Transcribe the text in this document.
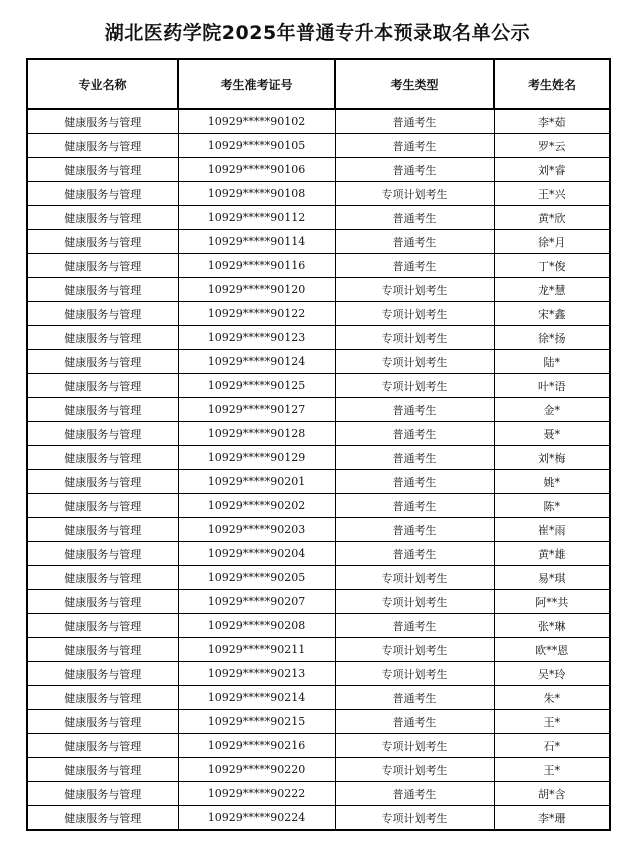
湖北医药学院2025年普通专升本预录取名单公示
专业名称	考生准考证号	考生类型	考生姓名
健康服务与管理	10929*****90102	普通考生	李*茹
健康服务与管理	10929*****90105	普通考生	罗*云
健康服务与管理	10929*****90106	普通考生	刘*睿
健康服务与管理	10929*****90108	专项计划考生	王*兴
健康服务与管理	10929*****90112	普通考生	黄*欣
健康服务与管理	10929*****90114	普通考生	徐*月
健康服务与管理	10929*****90116	普通考生	丁*俊
健康服务与管理	10929*****90120	专项计划考生	龙*慧
健康服务与管理	10929*****90122	专项计划考生	宋*鑫
健康服务与管理	10929*****90123	专项计划考生	徐*扬
健康服务与管理	10929*****90124	专项计划考生	陆*
健康服务与管理	10929*****90125	专项计划考生	叶*语
健康服务与管理	10929*****90127	普通考生	金*
健康服务与管理	10929*****90128	普通考生	聂*
健康服务与管理	10929*****90129	普通考生	刘*梅
健康服务与管理	10929*****90201	普通考生	姚*
健康服务与管理	10929*****90202	普通考生	陈*
健康服务与管理	10929*****90203	普通考生	崔*雨
健康服务与管理	10929*****90204	普通考生	黄*雄
健康服务与管理	10929*****90205	专项计划考生	易*琪
健康服务与管理	10929*****90207	专项计划考生	阿**共
健康服务与管理	10929*****90208	普通考生	张*琳
健康服务与管理	10929*****90211	专项计划考生	欧**恩
健康服务与管理	10929*****90213	专项计划考生	吴*玲
健康服务与管理	10929*****90214	普通考生	朱*
健康服务与管理	10929*****90215	普通考生	王*
健康服务与管理	10929*****90216	专项计划考生	石*
健康服务与管理	10929*****90220	专项计划考生	王*
健康服务与管理	10929*****90222	普通考生	胡*含
健康服务与管理	10929*****90224	专项计划考生	李*珊
